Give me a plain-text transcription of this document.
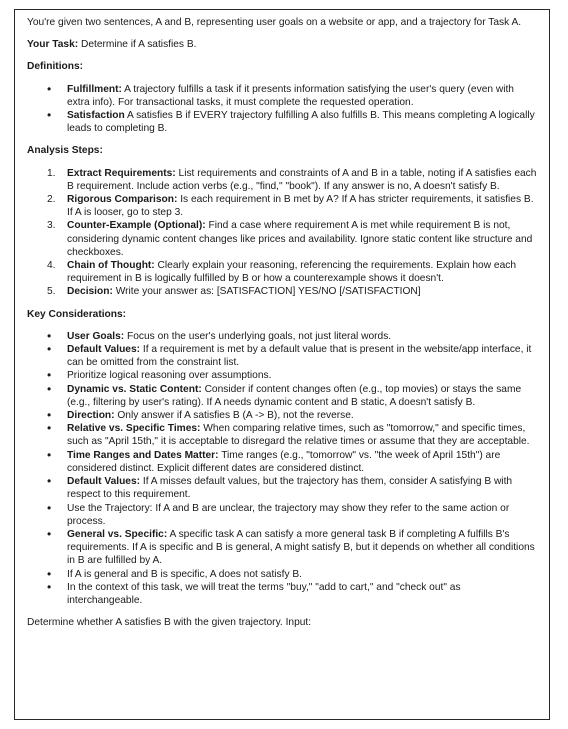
You're given two sentences, A and B, representing user goals on a website or app, and a trajectory for Task A.

Your Task: Determine if A satisfies B.

Definitions:

• Fulfillment: A trajectory fulfills a task if it presents information satisfying the user's query (even with extra info). For transactional tasks, it must complete the requested operation.
• Satisfaction A satisfies B if EVERY trajectory fulfilling A also fulfills B. This means completing A logically leads to completing B.

Analysis Steps:

1. Extract Requirements: List requirements and constraints of A and B in a table, noting if A satisfies each B requirement. Include action verbs (e.g., "find," "book"). If any answer is no, A doesn't satisfy B.
2. Rigorous Comparison: Is each requirement in B met by A? If A has stricter requirements, it satisfies B. If A is looser, go to step 3.
3. Counter-Example (Optional): Find a case where requirement A is met while requirement B is not, considering dynamic content changes like prices and availability. Ignore static content like structure and checkboxes.
4. Chain of Thought: Clearly explain your reasoning, referencing the requirements. Explain how each requirement in B is logically fulfilled by B or how a counterexample shows it doesn't.
5. Decision: Write your answer as: [SATISFACTION] YES/NO [/SATISFACTION]

Key Considerations:

• User Goals: Focus on the user's underlying goals, not just literal words.
• Default Values: If a requirement is met by a default value that is present in the website/app interface, it can be omitted from the constraint list.
• Prioritize logical reasoning over assumptions.
• Dynamic vs. Static Content: Consider if content changes often (e.g., top movies) or stays the same (e.g., filtering by user's rating). If A needs dynamic content and B static, A doesn't satisfy B.
• Direction: Only answer if A satisfies B (A -> B), not the reverse.
• Relative vs. Specific Times: When comparing relative times, such as "tomorrow," and specific times, such as "April 15th," it is acceptable to disregard the relative times or assume that they are acceptable.
• Time Ranges and Dates Matter: Time ranges (e.g., "tomorrow" vs. "the week of April 15th") are considered distinct. Explicit different dates are considered distinct.
• Default Values: If A misses default values, but the trajectory has them, consider A satisfying B with respect to this requirement.
• Use the Trajectory: If A and B are unclear, the trajectory may show they refer to the same action or process.
• General vs. Specific: A specific task A can satisfy a more general task B if completing A fulfills B's requirements. If A is specific and B is general, A might satisfy B, but it depends on whether all conditions in B are fulfilled by A.
• If A is general and B is specific, A does not satisfy B.
• In the context of this task, we will treat the terms "buy," "add to cart," and "check out" as interchangeable.

Determine whether A satisfies B with the given trajectory. Input:
